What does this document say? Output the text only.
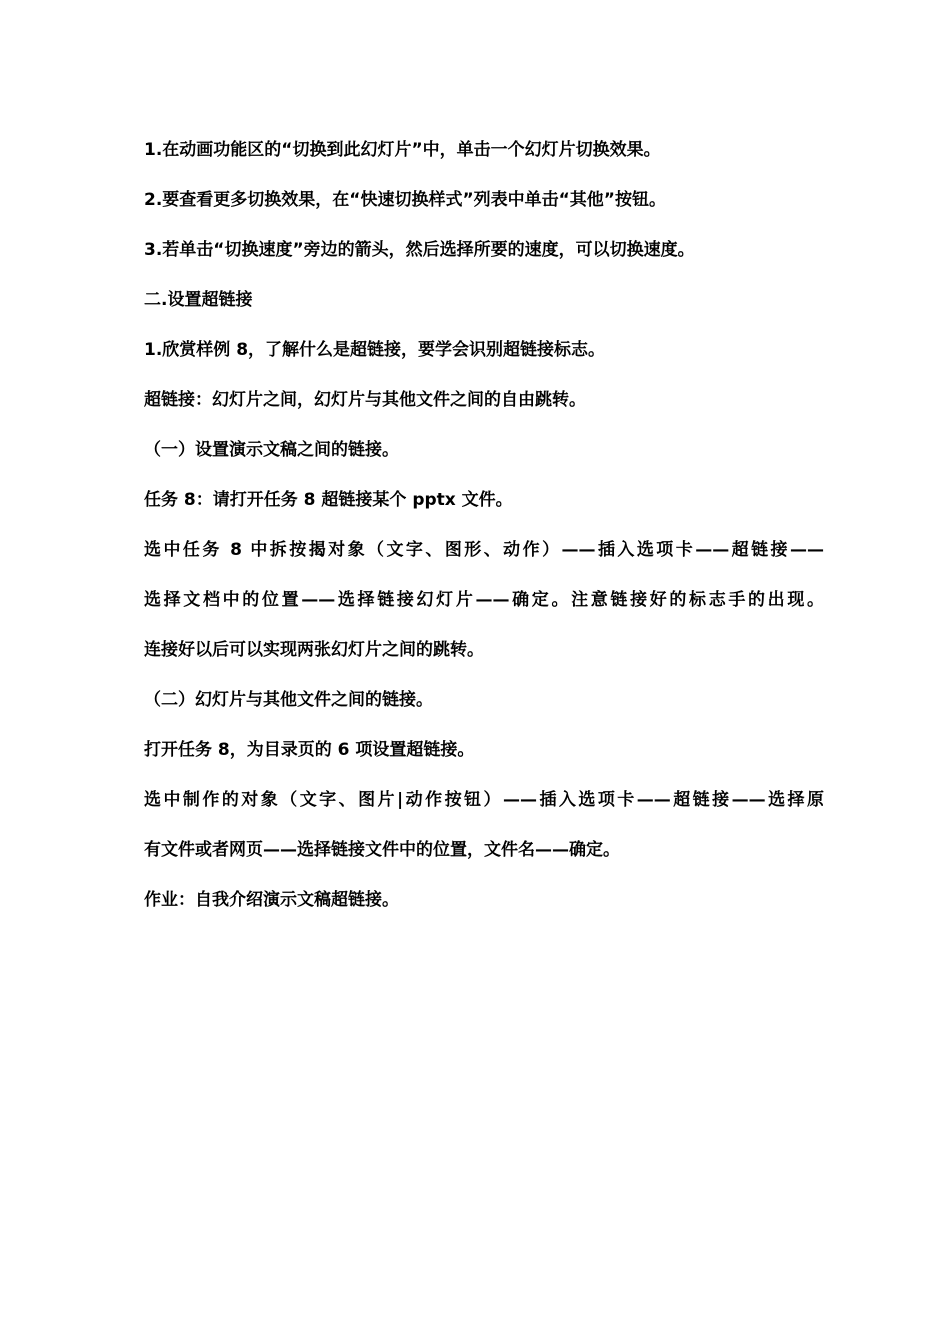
1.在动画功能区的“切换到此幻灯片”中，单击一个幻灯片切换效果。
2.要查看更多切换效果，在“快速切换样式”列表中单击“其他”按钮。
3.若单击“切换速度”旁边的箭头，然后选择所要的速度，可以切换速度。
二.设置超链接
1.欣赏样例 8，了解什么是超链接，要学会识别超链接标志。
超链接：幻灯片之间，幻灯片与其他文件之间的自由跳转。
（一）设置演示文稿之间的链接。
任务 8：请打开任务 8 超链接某个 pptx 文件。
选中任务 8 中拆按揭对象（文字、图形、动作）——插入选项卡——超链接——
选择文档中的位置——选择链接幻灯片——确定。注意链接好的标志手的出现。
连接好以后可以实现两张幻灯片之间的跳转。
（二）幻灯片与其他文件之间的链接。
打开任务 8，为目录页的 6 项设置超链接。
选中制作的对象（文字、图片|动作按钮）——插入选项卡——超链接——选择原
有文件或者网页——选择链接文件中的位置，文件名——确定。
作业：自我介绍演示文稿超链接。
